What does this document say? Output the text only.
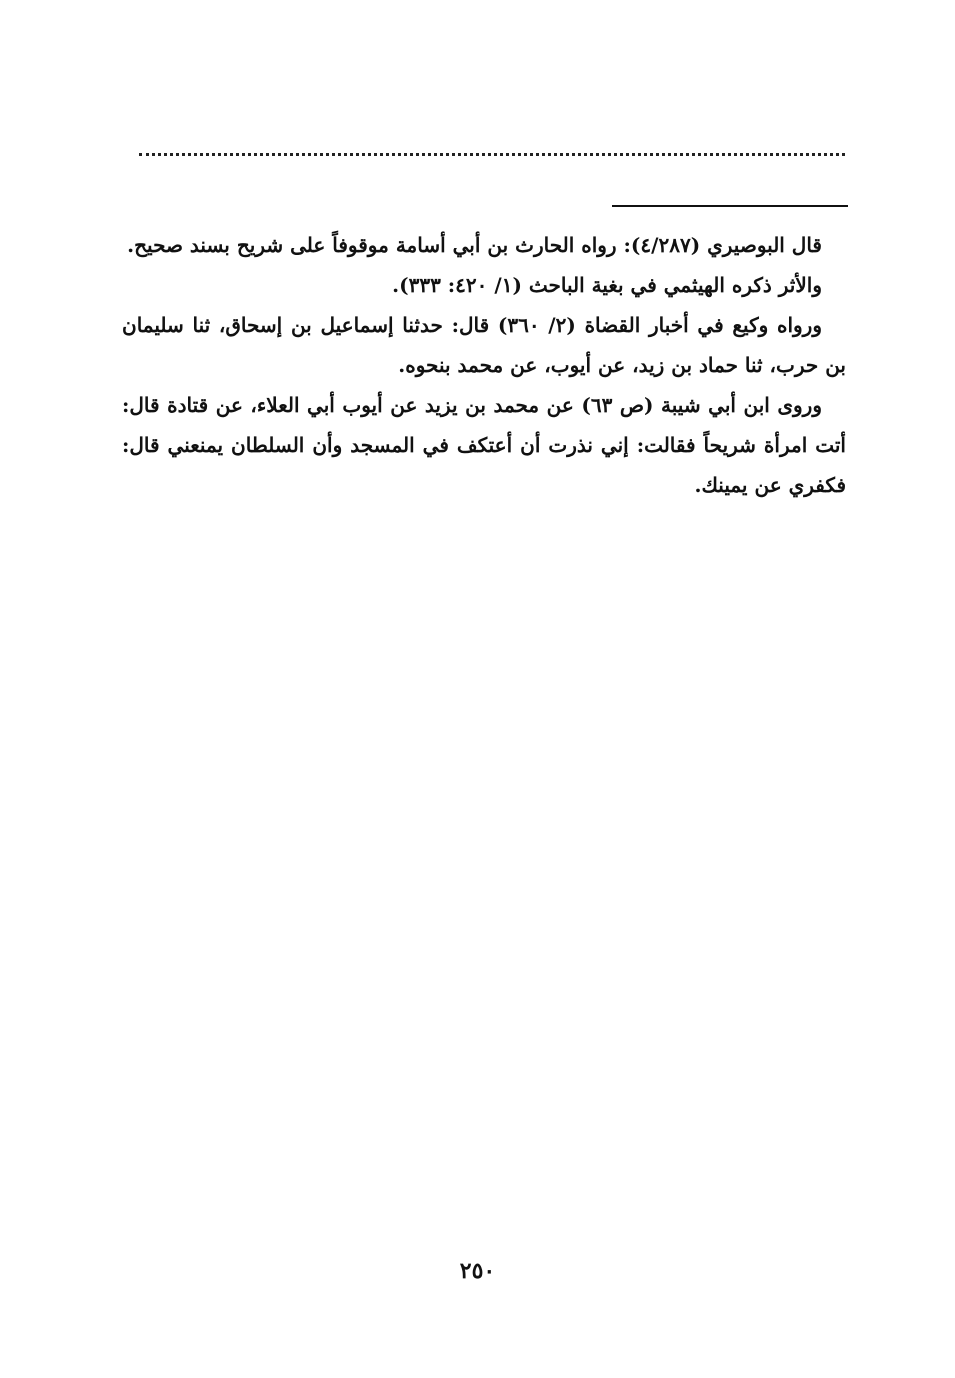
قال البوصيري (٤/٢٨٧): رواه الحارث بن أبي أسامة موقوفاً على شريح بسند صحيح.

والأثر ذكره الهيثمي في بغية الباحث (١/ ٤٢٠: ٣٣٣).

ورواه وكيع في أخبار القضاة (٢/ ٣٦٠) قال: حدثنا إسماعيل بن إسحاق، ثنا سليمان بن حرب، ثنا حماد بن زيد، عن أيوب، عن محمد بنحوه.

وروى ابن أبي شيبة (ص ٦٣) عن محمد بن يزيد عن أيوب أبي العلاء، عن قتادة قال: أتت امرأة شريحاً فقالت: إني نذرت أن أعتكف في المسجد وأن السلطان يمنعني قال: فكفري عن يمينك.

٢٥٠
